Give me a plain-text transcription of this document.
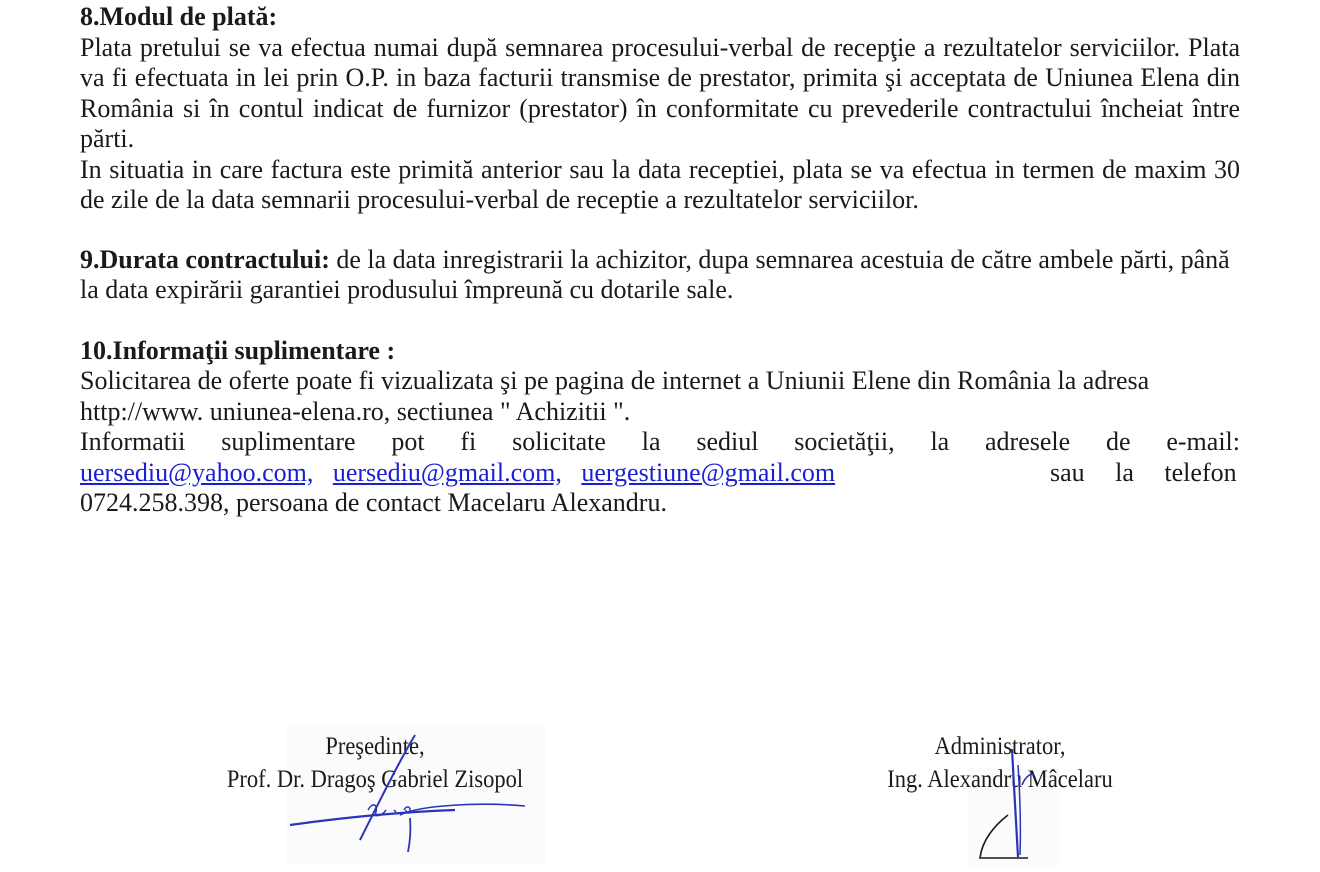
8.Modul de plată:

Plata pretului se va efectua numai după semnarea procesului-verbal de recepţie a rezultatelor serviciilor. Plata va fi efectuata in lei prin O.P. in baza facturii transmise de prestator, primita şi acceptata de Uniunea Elena din România si în contul indicat de furnizor (prestator) în conformitate cu prevederile contractului încheiat între părti.

In situatia in care factura este primită anterior sau la data receptiei, plata se va efectua in termen de maxim 30 de zile de la data semnarii procesului-verbal de receptie a rezultatelor serviciilor.

9.Durata contractului: de la data inregistrarii la achizitor, dupa semnarea acestuia de către ambele părti, până la data expirării garantiei produsului împreună cu dotarile sale.

10.Informaţii suplimentare :

Solicitarea de oferte poate fi vizualizata şi pe pagina de internet a Uniunii Elene din România la adresa http://www. uniunea-elena.ro, sectiunea " Achizitii ".

Informatii suplimentare pot fi solicitate la sediul societăţii, la adresele de e-mail:
uersediu@yahoo.com, uersediu@gmail.com, uergestiune@gmail.com	sau la telefon

0724.258.398, persoana de contact Macelaru Alexandru.

Preşedinte,
Prof. Dr. Dragoş Gabriel Zisopol
Administrator,
Ing. Alexandru Mâcelaru
